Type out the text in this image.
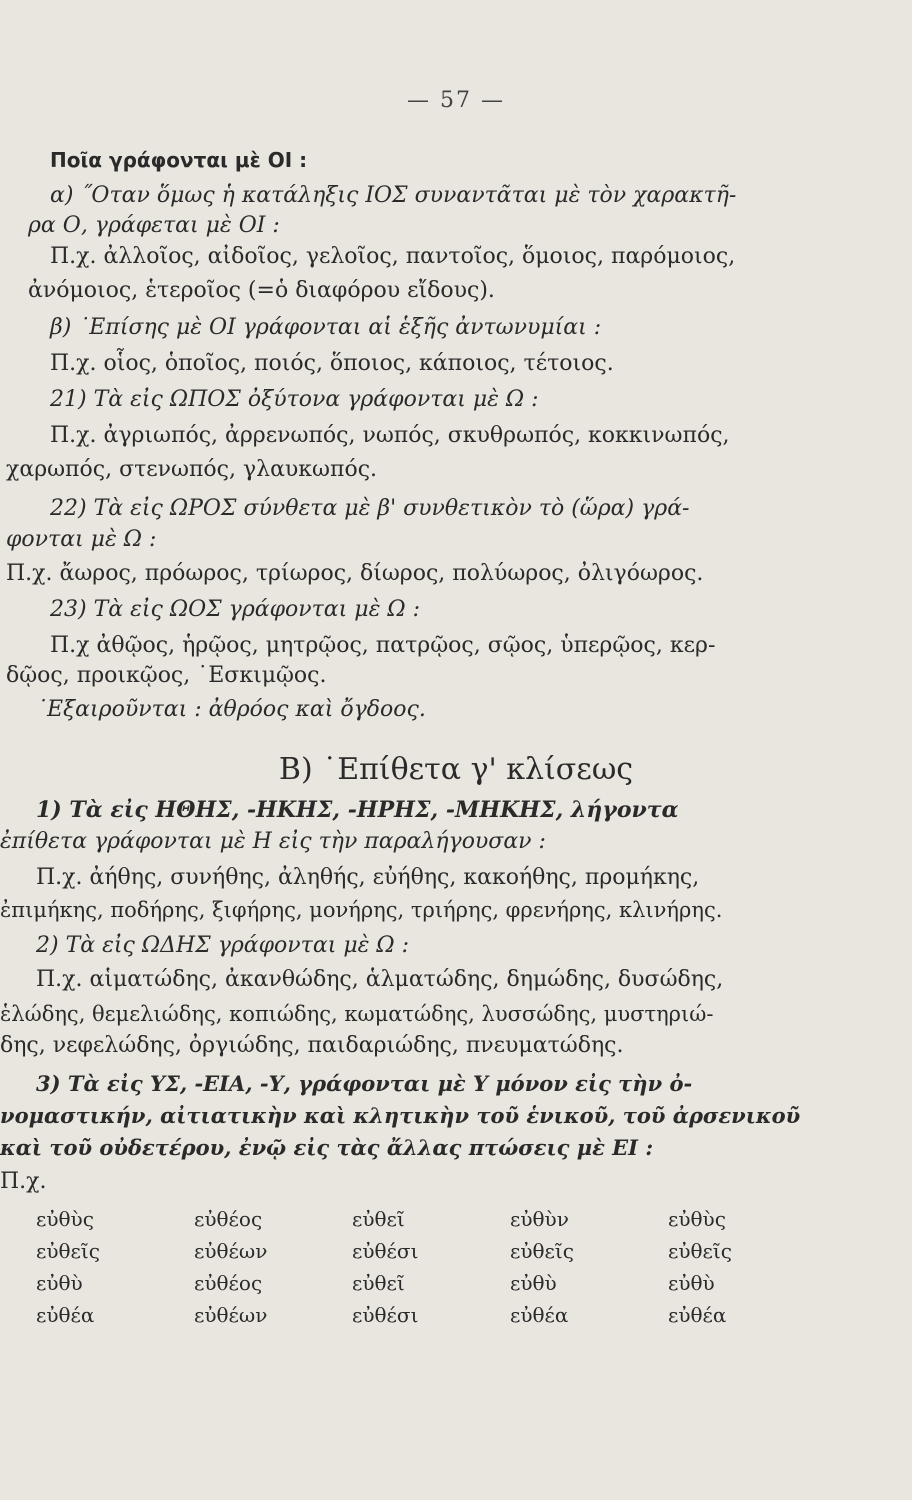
— 57 —
Ποῖα γράφονται μὲ ΟΙ :
α) ˝Οταν ὅμως ἡ κατάληξις ΙΟΣ συναντᾶται μὲ τὸν χαρακτῆ-
ρα Ο, γράφεται μὲ ΟΙ :
Π.χ. ἀλλοῖος, αἰδοῖος, γελοῖος, παντοῖος, ὅμοιος, παρόμοιος,
ἀνόμοιος, ἑτεροῖος (=ὁ διαφόρου εἴδους).
β) ˙Επίσης μὲ ΟΙ γράφονται αἱ ἑξῆς ἀντωνυμίαι :
Π.χ. οἷος, ὁποῖος, ποιός, ὅποιος, κάποιος, τέτοιος.
21) Τὰ εἰς ΩΠΟΣ ὀξύτονα γράφονται μὲ Ω :
Π.χ. ἀγριωπός, ἀρρενωπός, νωπός, σκυθρωπός, κοκκινωπός,
χαρωπός, στενωπός, γλαυκωπός.
22) Τὰ εἰς ΩΡΟΣ σύνθετα μὲ β' συνθετικὸν τὸ (ὥρα) γρά-
φονται μὲ Ω :
Π.χ. ἄωρος, πρόωρος, τρίωρος, δίωρος, πολύωρος, ὀλιγόωρος.
23) Τὰ εἰς ΩΟΣ γράφονται μὲ Ω :
Π.χ ἀθῷος, ἡρῷος, μητρῷος, πατρῷος, σῷος, ὑπερῷος, κερ-
δῷος, προικῷος, ˙Εσκιμῷος.
˙Εξαιροῦνται : ἀθρόος καὶ ὄγδοος.
Β) ˙Επίθετα γ' κλίσεως
1) Τὰ εἰς ΗΘΗΣ, -ΗΚΗΣ, -ΗΡΗΣ, -ΜΗΚΗΣ, λήγοντα
ἐπίθετα γράφονται μὲ Η εἰς τὴν παραλήγουσαν :
Π.χ. ἀήθης, συνήθης, ἀληθής, εὐήθης, κακοήθης, προμήκης,
ἐπιμήκης, ποδήρης, ξιφήρης, μονήρης, τριήρης, φρενήρης, κλινήρης.
2) Τὰ εἰς ΩΔΗΣ γράφονται μὲ Ω :
Π.χ. αἱματώδης, ἀκανθώδης, ἁλματώδης, δημώδης, δυσώδης,
ἑλώδης, θεμελιώδης, κοπιώδης, κωματώδης, λυσσώδης, μυστηριώ-
δης, νεφελώδης, ὀργιώδης, παιδαριώδης, πνευματώδης.
3) Τὰ εἰς ΥΣ, -ΕΙΑ, -Υ, γράφονται μὲ Υ μόνον εἰς τὴν ὀ-
νομαστικήν, αἰτιατικὴν καὶ κλητικὴν τοῦ ἑνικοῦ, τοῦ ἀρσενικοῦ
καὶ τοῦ οὐδετέρου, ἐνῷ εἰς τὰς ἄλλας πτώσεις μὲ ΕΙ :
Π.χ.
εὐθὺς	εὐθέος	εὐθεῖ	εὐθὺν	εὐθὺς
εὐθεῖς	εὐθέων	εὐθέσι	εὐθεῖς	εὐθεῖς
εὐθὺ	εὐθέος	εὐθεῖ	εὐθὺ	εὐθὺ
εὐθέα	εὐθέων	εὐθέσι	εὐθέα	εὐθέα
